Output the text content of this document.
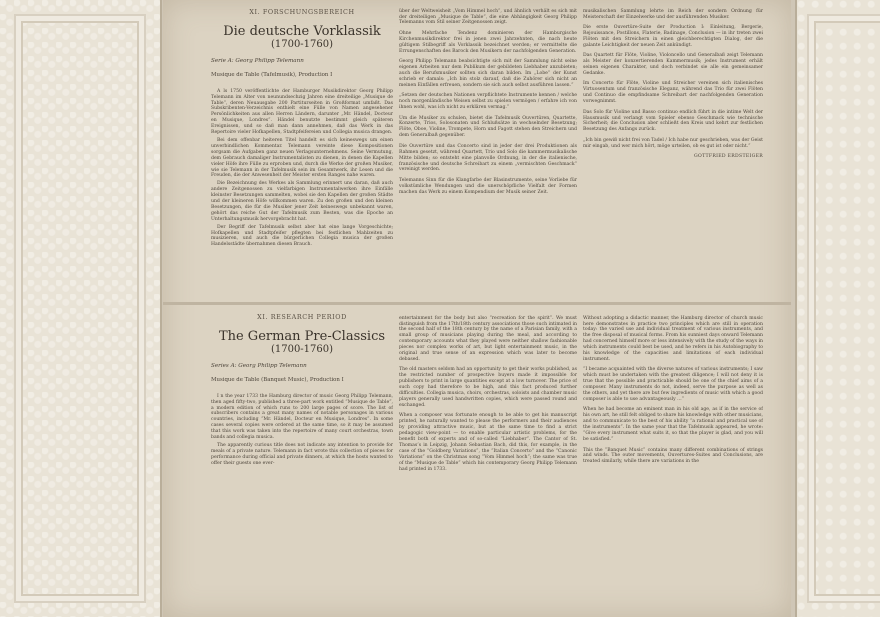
XI. FORSCHUNGSBEREICH
Die deutsche Vorklassik
(1700-1760)
Serie A: Georg Philipp Telemann
Musique de Table (Tafelmusik), Production I

A ls 1750 veröffentlichte der Hamburger Musikdirektor Georg Philipp Telemann im Alter von neunundsechzig Jahren eine dreiteilige „Musique de Table“, deren Neuausgabe 200 Partiturseiten in Großformat umfaßt. Das Subskribenten-Verzeichnis enthielt eine Fülle von Namen angesehener Persönlichkeiten aus allen Herren Ländern, darunter „Mr. Händel, Docteur en Musique, Londres“. Händel benutzte bestimmt gleich späteren Ereignissen, und so daß man dann annehmen, daß das Werk in das Repertoire vieler Hofkapellen, Stadtpfeifereien und Collegia musica drangen.

Bei dem offenbar heiteren Titel handelt es sich keineswegs um einen unverbindlichen Kommentar. Telemann vereinte diese Kompositionen sorgsam die Aufgaben ganz neuen Verlagsunternehmens. Seine Vermutung, dem Gebrauch damaliger Instrumentalisten zu dienen, in denen die Kapellen vieler Höfe ihre Fülle zu erproben und, durch die Werke der großen Musiker, wie sie Telemann in der Tafelmusik sein im Gesamtwerk, ihr Lesen und die Freuden, die der Anwesenheit der Meister ersten Ranges nahe waren.

Die Bezeichnung des Werkes als Sammlung erinnert uns daran, daß auch andere Zeitgenossen zu vielfarbigen Instrumentalwerken ihre Einfälle kleinster Besetzungen sammelten, wobei sie den Kapellen der großen Städte und der kleineren Höfe willkommen waren. Zu den großen und den kleinen Besetzungen, die für die Musiker jener Zeit keineswegs unbekannt waren, gehört das reiche Gut der Tafelmusik zum Besten, was die Epoche an Unterhaltungsmusik hervorgebracht hat.

Der Begriff der Tafelmusik selbst aber hat eine lange Vorgeschichte; Hofkapellen und Stadtpfeifer pflegten bei festlichen Mahlzeiten zu musizieren, und auch die bürgerlichen Collegia musica der großen Handelsstädte übernahmen diesen Brauch.

über der Weltweisheit „Vom Himmel hoch“, und ähnlich verhält es sich mit der dreiteiligen „Musique de Table“, die eine Abhängigkeit Georg Philipp Telemanns vom Stil seiner Zeitgenossen zeigt.

Ohne Mehrfache Tendenz dominieren der Hamburgische Kirchenmusikdirektor frei in jenen zwei Jahrzehnten, die nach heute gültigem Stilbegriff als Vorklassik bezeichnet werden; er vermittelte die Errungenschaften des Barock den Musikern der nachfolgenden Generation.

Georg Philipp Telemann beabsichtigte sich mit der Sammlung nicht seine eigenen Arbeiten nur dem Publikum der gebildeten Liebhaber anzubieten; auch die Berufsmusiker sollten sich daran bilden. Im „Lobe“ der Kunst schrieb er damals: „Ich bin stolz darauf, daß die Zuhörer sich nicht an meinen Einfällen erfreuen, sondern sie sich auch selbst ausführen lassen.“

„Setzen der deutschen Nationen verpflichtete Instrumente kennen / welche noch morgenländische Weisen selbst zu spielen vermögen / erfahre ich von ihnen wohl, was ich nicht zu erklären vermag.“

Um die Musiker zu schulen, bietet die Tafelmusik Ouvertüren, Quartette, Konzerte, Trios, Solosonaten und Schlußsätze in wechselnder Besetzung; Flöte, Oboe, Violine, Trompete, Horn und Fagott stehen den Streichern und dem Generalbaß gegenüber.

Die Ouvertüre und das Concerto sind in jeder der drei Produktionen als Rahmen gesetzt, während Quartett, Trio und Solo die kammermusikalische Mitte bilden; so entsteht eine planvolle Ordnung, in der die italienische, französische und deutsche Schreibart zu einem „vermischten Geschmack“ vereinigt werden.

Telemanns Sinn für die Klangfarbe der Blasinstrumente, seine Vorliebe für volkstümliche Wendungen und die unerschöpfliche Vielfalt der Formen machen das Werk zu einem Kompendium der Musik seiner Zeit.

musikalischen Sammlung lehrte im Reich der sondern Ordnung für Meisterschaft der Einzelwerke und der ausführenden Musiker.

Die erste Ouvertüre-Suite der Production I: Einleitung, Bergerie, Rejouissance, Postillons, Flaterie, Badinage, Conclusion — in ihr treten zwei Flöten mit den Streichern in einen gleichberechtigten Dialog, der die galante Leichtigkeit der neuen Zeit ankündigt.

Das Quartett für Flöte, Violine, Violoncello und Generalbaß zeigt Telemann als Meister der konzertierenden Kammermusik; jedes Instrument erhält seinen eigenen Charakter, und doch verbindet sie alle ein gemeinsamer Gedanke.

Im Concerto für Flöte, Violine und Streicher vereinen sich italienisches Virtuosentum und französische Eleganz, während das Trio für zwei Flöten und Continuo die empfindsame Schreibart der nachfolgenden Generation vorwegnimmt.

Das Solo für Violine und Basso continuo endlich führt in die intime Welt der Hausmusik und verlangt vom Spieler ebenso Geschmack wie technische Sicherheit; die Conclusion aber schließt den Kreis und kehrt zur festlichen Besetzung des Anfangs zurück.

„Ich bin gewiß nicht frei von Tadel / Ich habe nur geschrieben, was der Geist mir eingab, und wer mich hört, möge urteilen, ob es gut ist oder nicht.“

GOTTFRIED ERDSTEIGER
XI. RESEARCH PERIOD
The German Pre-Classics
(1700-1760)
Series A: Georg Philipp Telemann
Musique de Table (Banquet Music), Production I

I n the year 1733 the Hamburg director of music Georg Philipp Telemann, then aged fifty-two, published a three-part work entitled “Musique de Table”, a modern edition of which runs to 200 large pages of score. The list of subscribers contains a great many names of notable personages in various countries, including “Mr. Händel, Docteur en Musique, Londres”. In some cases several copies were ordered at the same time, so it may be assumed that this work was taken into the repertoire of many court orchestras, town bands and collegia musica.

The apparently curious title does not indicate any intention to provide for meals of a private nature. Telemann in fact wrote this collection of pieces for performance during official and private dinners, at which the hosts wanted to offer their guests one ever-

entertainment for the body but also “recreation for the spirit”. We must distinguish from the 17th/18th century associations those such intimated in the second half of the 18th century by the name of a Parisian family, with a small group of musicians playing during the meal, and according to contemporary accounts what they played were neither shallow fashionable pieces nor complex works of art, but light entertainment music, in the original and true sense of an expression which was later to become debased.

The old masters seldom had an opportunity to get their works published, as the restricted number of prospective buyers made it impossible for publishers to print in large quantities except at a low turnover. The price of such copy had therefore to be high, and this fact produced further difficulties. Collegia musica, choirs, orchestras, soloists and chamber music players generally used handwritten copies, which were passed round and exchanged.

When a composer was fortunate enough to be able to get his manuscript printed, he naturally wanted to please the performers and their audiences by providing attractive music, but at the same time to find a strict pedagogic view-point — to enable particular artistic problems, for the benefit both of experts and of so-called “Liebhaber”. The Cantor of St. Thomas’s in Leipzig, Johann Sebastian Bach, did this, for example, in the case of the “Goldberg Variations”, the “Italian Concerto” and the “Canonic Variations” on the Christmas song “Vom Himmel hoch”; the same was true of the “Musique de Table” which his contemporary Georg Philipp Telemann had printed in 1733.

Without adopting a didactic manner, the Hamburg director of church music here demonstrates in practice two principles which are still in operation today: the varied use and individual treatment of various instruments, and the free disposal of musical forms. From his sunniest days onward Telemann had concerned himself more or less intensively with the study of the ways in which instruments could best be used, and he refers in his Autobiography to his knowledge of the capacities and limitations of each individual instrument.

“I became acquainted with the diverse natures of various instruments; I saw which must be undertaken with the greatest diligence; I will not deny it is true that the possible and practicable should be one of the chief aims of a composer. Many instruments do not, indeed, serve the purpose as well as the others, and yet there are but few ingredients of music with which a good composer is able to use advantageously …”

When he had become an eminent man in his old age, as if in the service of his own art, he still felt obliged to share his knowledge with other musicians, and to communicate to the best of his ability “a rational and practical use of the instruments”. In the same year that the Tafelmusik appeared, he wrote: “Give every instrument what suits it, so that the player is glad, and you will be satisfied.”

This the “Banquet Music” contains many different combinations of strings and winds. The outer movements, Ouvertures-Suites and Conclusions, are treated similarly, while there are variations in the
